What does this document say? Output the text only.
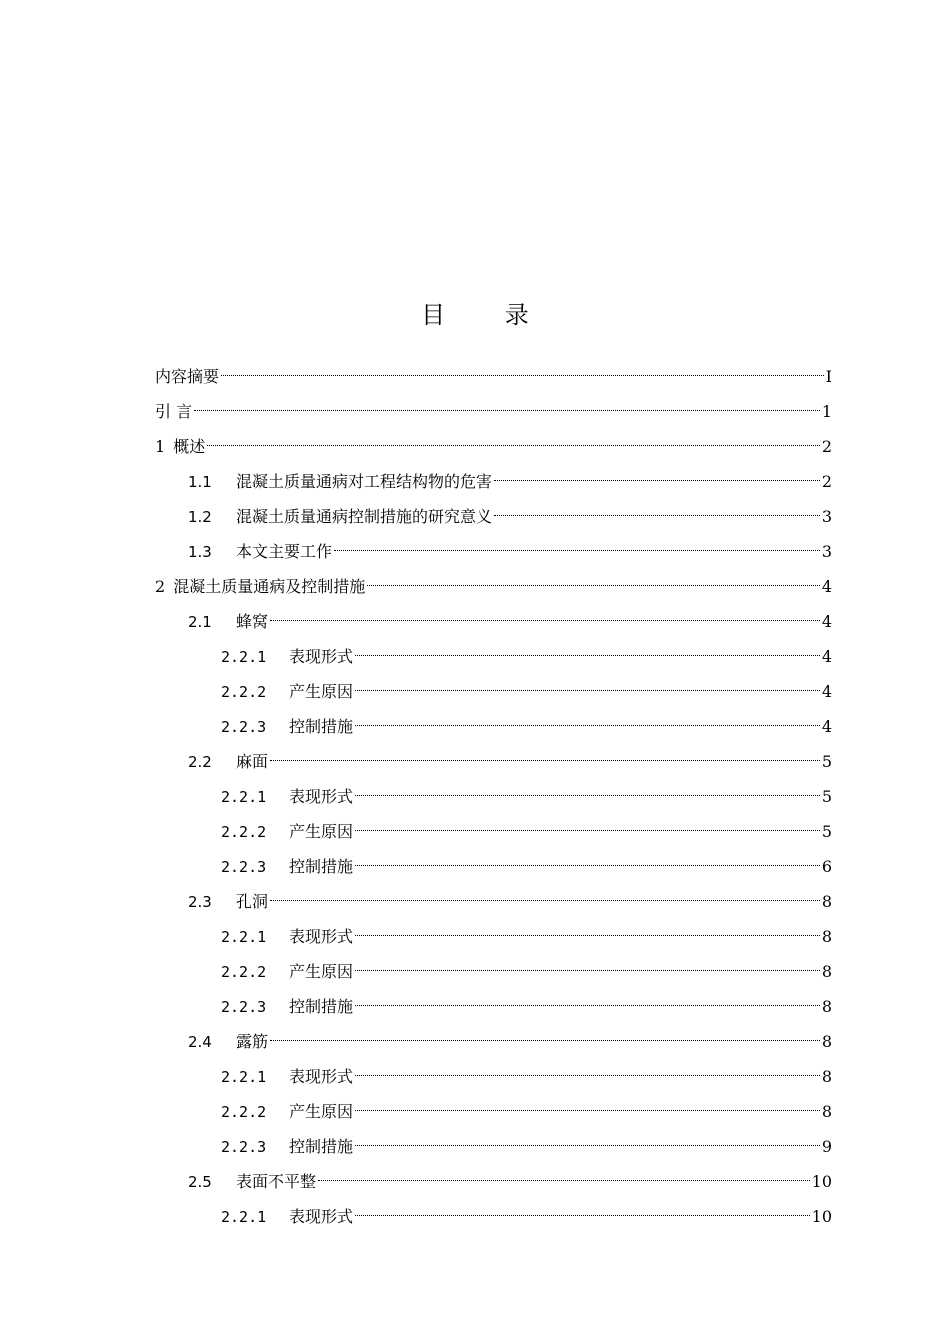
目 录
内容摘要	I
引 言	1
1 概述	2
1.1	混凝土质量通病对工程结构物的危害	2
1.2	混凝土质量通病控制措施的研究意义	3
1.3	本文主要工作	3
2 混凝土质量通病及控制措施	4
2.1	蜂窝	4
2.2.1	表现形式	4
2.2.2	产生原因	4
2.2.3	控制措施	4
2.2	麻面	5
2.2.1	表现形式	5
2.2.2	产生原因	5
2.2.3	控制措施	6
2.3	孔洞	8
2.2.1	表现形式	8
2.2.2	产生原因	8
2.2.3	控制措施	8
2.4	露筋	8
2.2.1	表现形式	8
2.2.2	产生原因	8
2.2.3	控制措施	9
2.5	表面不平整	10
2.2.1	表现形式	10
